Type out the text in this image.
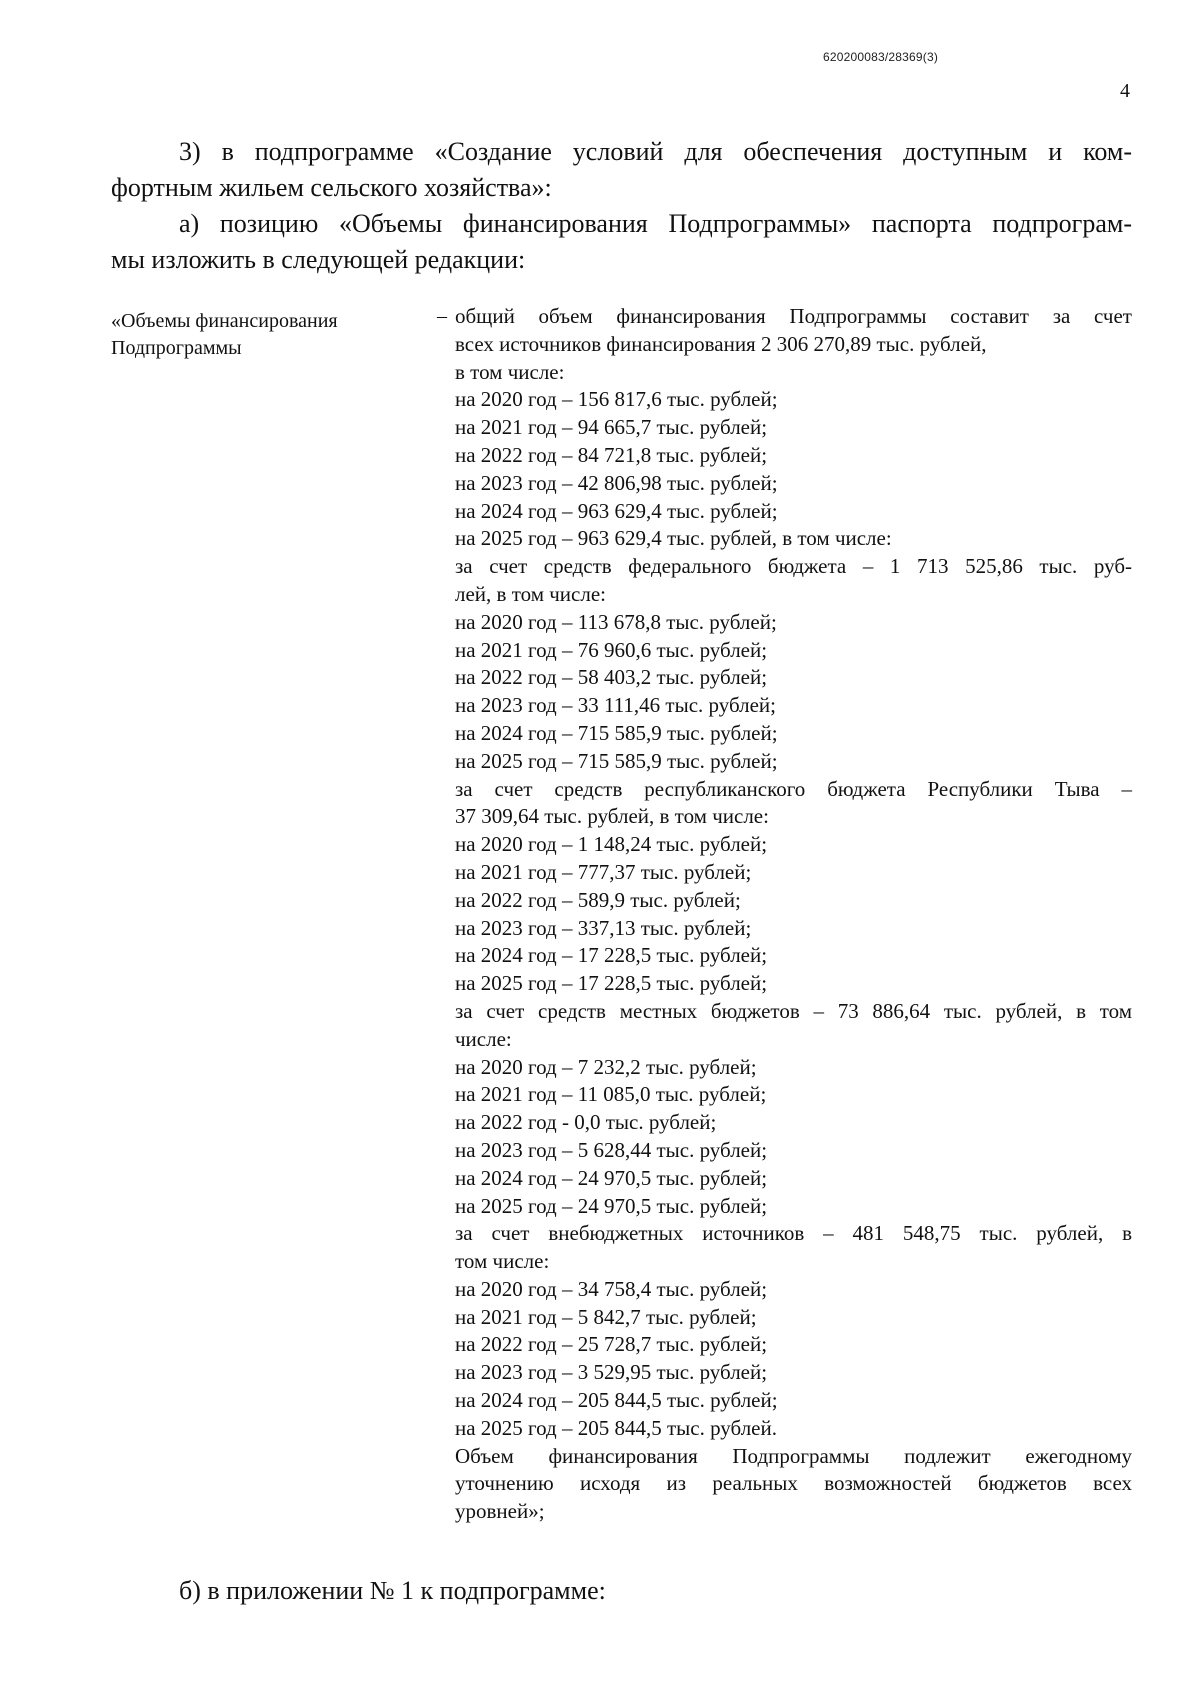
620200083/28369(3)
4
3) в подпрограмме «Создание условий для обеспечения доступным и ком-
фортным жильем сельского хозяйства»:
а) позицию «Объемы финансирования Подпрограммы» паспорта подпрограм-
мы изложить в следующей редакции:
«Объемы финансирования
Подпрограммы
– общий объем финансирования Подпрограммы составит за счет
всех источников финансирования 2 306 270,89 тыс. рублей,
в том числе:
на 2020 год – 156 817,6 тыс. рублей;
на 2021 год – 94 665,7 тыс. рублей;
на 2022 год – 84 721,8 тыс. рублей;
на 2023 год – 42 806,98 тыс. рублей;
на 2024 год – 963 629,4 тыс. рублей;
на 2025 год – 963 629,4 тыс. рублей, в том числе:
за счет средств федерального бюджета – 1 713 525,86 тыс. руб-
лей, в том числе:
на 2020 год – 113 678,8 тыс. рублей;
на 2021 год – 76 960,6 тыс. рублей;
на 2022 год – 58 403,2 тыс. рублей;
на 2023 год – 33 111,46 тыс. рублей;
на 2024 год – 715 585,9 тыс. рублей;
на 2025 год – 715 585,9 тыс. рублей;
за счет средств республиканского бюджета Республики Тыва –
37 309,64 тыс. рублей, в том числе:
на 2020 год – 1 148,24 тыс. рублей;
на 2021 год – 777,37 тыс. рублей;
на 2022 год – 589,9 тыс. рублей;
на 2023 год – 337,13 тыс. рублей;
на 2024 год – 17 228,5 тыс. рублей;
на 2025 год – 17 228,5 тыс. рублей;
за счет средств местных бюджетов – 73 886,64 тыс. рублей, в том
числе:
на 2020 год – 7 232,2 тыс. рублей;
на 2021 год – 11 085,0 тыс. рублей;
на 2022 год - 0,0 тыс. рублей;
на 2023 год – 5 628,44 тыс. рублей;
на 2024 год – 24 970,5 тыс. рублей;
на 2025 год – 24 970,5 тыс. рублей;
за счет внебюджетных источников – 481 548,75 тыс. рублей, в
том числе:
на 2020 год – 34 758,4 тыс. рублей;
на 2021 год – 5 842,7 тыс. рублей;
на 2022 год – 25 728,7 тыс. рублей;
на 2023 год – 3 529,95 тыс. рублей;
на 2024 год – 205 844,5 тыс. рублей;
на 2025 год – 205 844,5 тыс. рублей.
Объем финансирования Подпрограммы подлежит ежегодному
уточнению исходя из реальных возможностей бюджетов всех
уровней»;
б) в приложении № 1 к подпрограмме:
